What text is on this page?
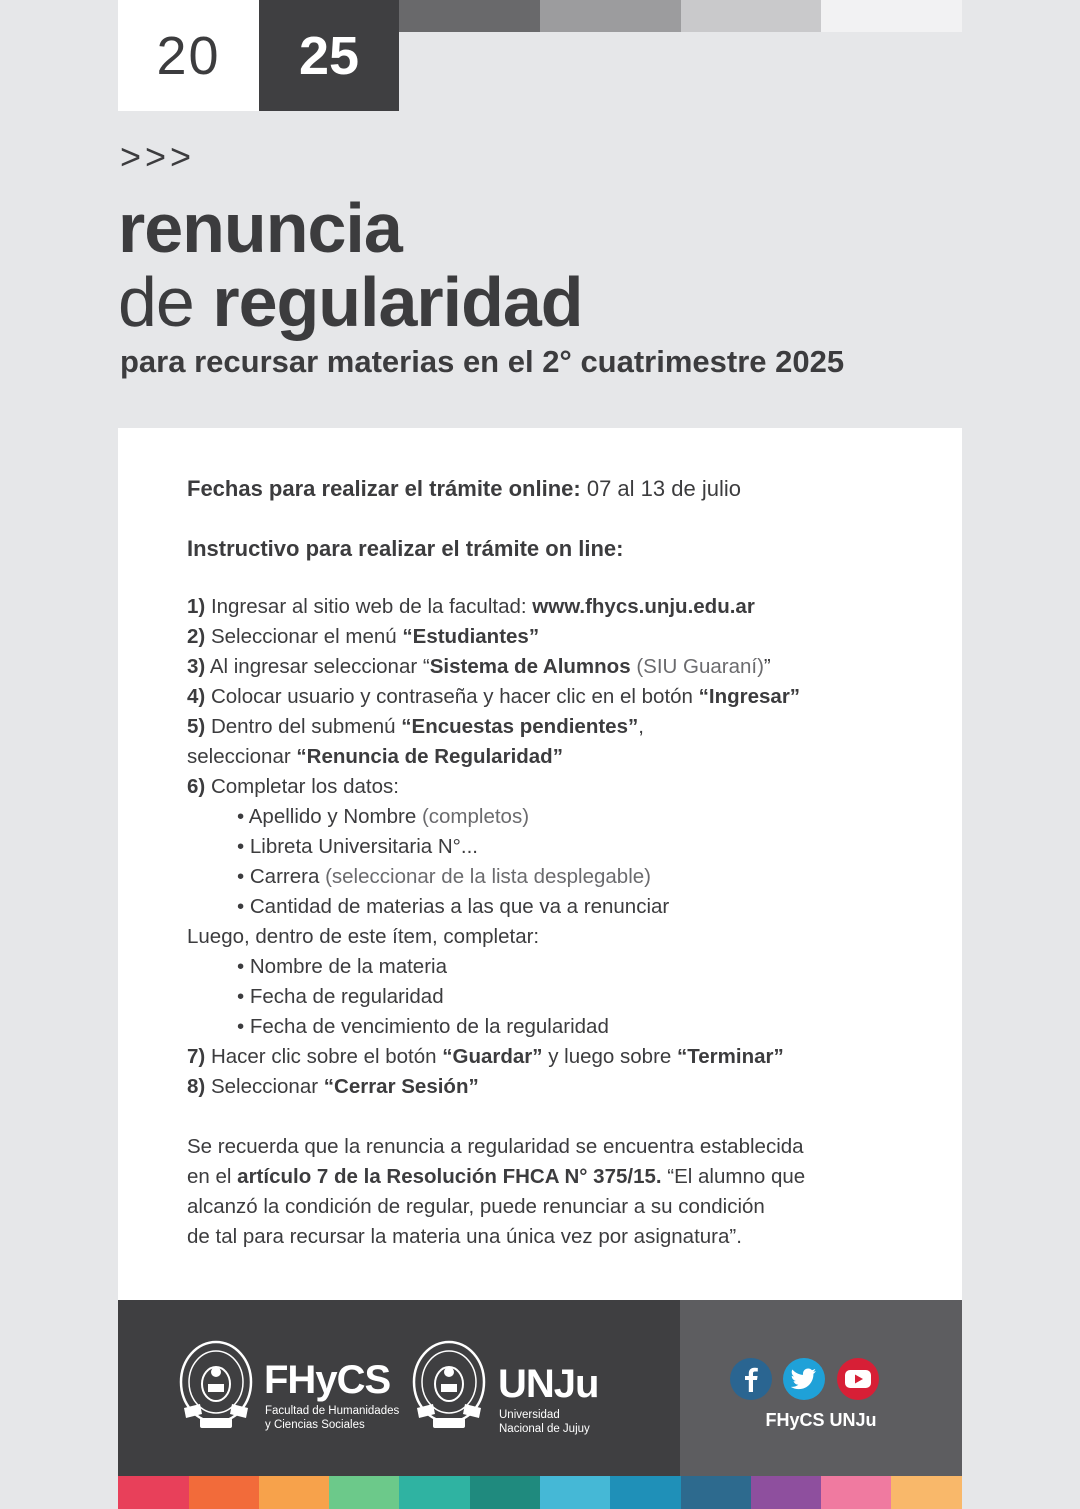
20	25
>>>
renuncia
de regularidad
para recursar materias en el 2° cuatrimestre 2025
Fechas para realizar el trámite online: 07 al 13 de julio
Instructivo para realizar el trámite on line:
1) Ingresar al sitio web de la facultad: www.fhycs.unju.edu.ar
2) Seleccionar el menú “Estudiantes”
3) Al ingresar seleccionar “Sistema de Alumnos (SIU Guaraní)”
4) Colocar usuario y contraseña y hacer clic en el botón “Ingresar”
5) Dentro del submenú “Encuestas pendientes”,
seleccionar “Renuncia de Regularidad”
6) Completar los datos:
• Apellido y Nombre (completos)
• Libreta Universitaria N°...
• Carrera (seleccionar de la lista desplegable)
• Cantidad de materias a las que va a renunciar
Luego, dentro de este ítem, completar:
• Nombre de la materia
• Fecha de regularidad
• Fecha de vencimiento de la regularidad
7) Hacer clic sobre el botón “Guardar” y luego sobre “Terminar”
8) Seleccionar “Cerrar Sesión”
Se recuerda que la renuncia a regularidad se encuentra establecida
en el artículo 7 de la Resolución FHCA N° 375/15. “El alumno que
alcanzó la condición de regular, puede renunciar a su condición
de tal para recursar la materia una única vez por asignatura”.
FHyCS
Facultad de Humanidades
y Ciencias Sociales
UNJu
Universidad
Nacional de Jujuy	FHyCS UNJu
